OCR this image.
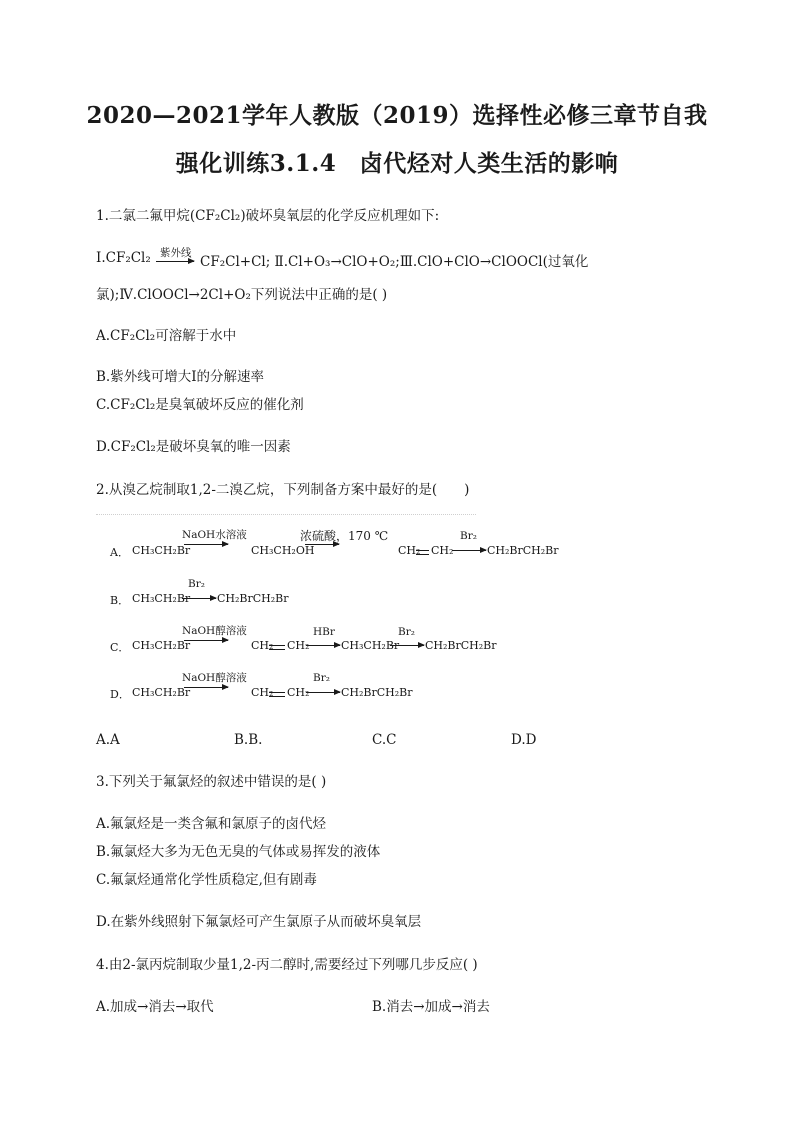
2020—2021学年人教版（2019）选择性必修三章节自我
强化训练3.1.4　卤代烃对人类生活的影响
1.二氯二氟甲烷(CF₂Cl₂)破坏臭氧层的化学反应机理如下:
Ⅰ.CF₂Cl₂ 紫外线
CF₂Cl+Cl; Ⅱ.Cl+O₃→ClO+O₂;Ⅲ.ClO+ClO→ClOOCl(过氧化
氯);Ⅳ.ClOOCl→2Cl+O₂下列说法中正确的是( )
A.CF₂Cl₂可溶解于水中
B.紫外线可增大Ⅰ的分解速率
C.CF₂Cl₂是臭氧破坏反应的催化剂
D.CF₂Cl₂是破坏臭氧的唯一因素
2.从溴乙烷制取1,2-二溴乙烷，下列制备方案中最好的是(　　)
A． CH₃CH₂Br
NaOH水溶液
CH₃CH₂OH
浓硫酸，170 ℃
CH₂ CH₂
Br₂
CH₂BrCH₂Br
B． CH₃CH₂Br
Br₂
CH₂BrCH₂Br
C． CH₃CH₂Br
NaOH醇溶液
CH₂ CH₂
HBr
CH₃CH₂Br
Br₂
CH₂BrCH₂Br
D． CH₃CH₂Br
NaOH醇溶液
CH₂ CH₂
Br₂
CH₂BrCH₂Br
A.A	B.B.	C.C	D.D
3.下列关于氟氯烃的叙述中错误的是( )
A.氟氯烃是一类含氟和氯原子的卤代烃
B.氟氯烃大多为无色无臭的气体或易挥发的液体
C.氟氯烃通常化学性质稳定,但有剧毒
D.在紫外线照射下氟氯烃可产生氯原子从而破坏臭氧层
4.由2-氯丙烷制取少量1,2-丙二醇时,需要经过下列哪几步反应( )
A.加成→消去→取代	B.消去→加成→消去
